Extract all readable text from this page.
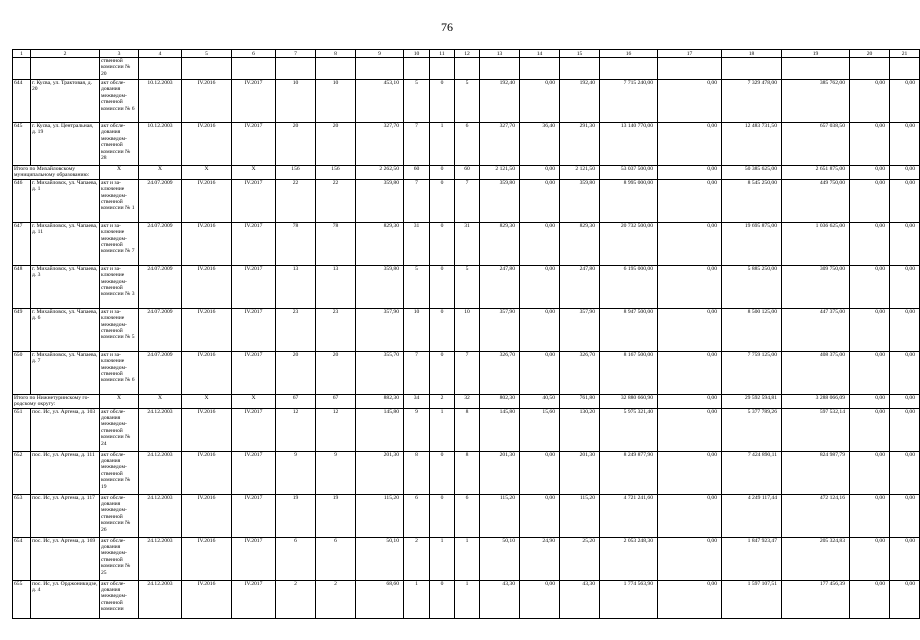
76
1	2	3	4	5	6	7	8	9	10	11	12	13	14	15	16	17	18	19	20	21
		ственной комиссии № 20																		
644	г. Кусва, ул. Трактовая, д. 20	акт обсле- дования межведом- ственной комиссии № 6	10.12.2003	IV.2016	IV.2017	10	10	453,10	5	0	5	192,40	0,00	192,40	7 715 240,00	0,00	7 329 478,00	385 762,00	0,00	0,00
645	г. Кусва, ул. Центральная, д. 19	акт обсле- дования межведом- ственной комиссии № 28	10.12.2003	IV.2016	IV.2017	20	20	327,70	7	1	6	327,70	36,40	291,30	13 140 770,00	0,00	12 483 731,50	657 038,50	0,00	0,00
Итого по Михайловскому муниципальному образованию:		X	X	X	X	156	156	2 262,50	60	0	60	2 121,50	0,00	2 121,50	53 037 500,00	0,00	50 385 625,00	2 651 875,00	0,00	0,00
646	г. Михайловск, ул. Чапаева, д. 1	акт и за- ключение межведом- ственной комиссии № 1	24.07.2009	IV.2016	IV.2017	22	22	359,80	7	0	7	359,80	0,00	359,80	8 995 000,00	0,00	8 545 250,00	449 750,00	0,00	0,00
647	г. Михайловск, ул. Чапаева, д. 11	акт и за- ключение межведом- ственной комиссии № 7	24.07.2009	IV.2016	IV.2017	78	78	829,30	31	0	31	829,30	0,00	829,30	20 732 500,00	0,00	19 695 875,00	1 036 625,00	0,00	0,00
648	г. Михайловск, ул. Чапаева, д. 3	акт и за- ключение межведом- ственной комиссии № 3	24.07.2009	IV.2016	IV.2017	13	13	359,80	5	0	5	247,80	0,00	247,80	6 195 000,00	0,00	5 885 250,00	309 750,00	0,00	0,00
649	г. Михайловск, ул. Чапаева, д. 6	акт и за- ключение межведом- ственной комиссии № 5	24.07.2009	IV.2016	IV.2017	23	23	357,90	10	0	10	357,90	0,00	357,90	8 947 500,00	0,00	8 500 125,00	447 375,00	0,00	0,00
650	г. Михайловск, ул. Чапаева, д. 7	акт и за- ключение межведом- ственной комиссии № 6	24.07.2009	IV.2016	IV.2017	20	20	355,70	7	0	7	326,70	0,00	326,70	8 167 500,00	0,00	7 759 125,00	408 375,00	0,00	0,00
Итого по Нижнетуринскому го- родскому округу:		X	X	X	X	67	67	882,30	34	2	32	802,30	40,50	761,80	32 880 660,90	0,00	29 592 594,81	3 288 066,09	0,00	0,00
651	пос. Ис, ул. Артема, д. 103	акт обсле- дования межведом- ственной комиссии № 24	24.12.2003	IV.2016	IV.2017	12	12	145,80	9	1	8	145,80	15,60	130,20	5 975 321,40	0,00	5 377 789,26	597 532,14	0,00	0,00
652	пос. Ис, ул. Артема, д. 111	акт обсле- дования межведом- ственной комиссии № 19	24.12.2003	IV.2016	IV.2017	9	9	201,30	8	0	8	201,30	0,00	201,30	8 249 877,90	0,00	7 424 890,11	824 987,79	0,00	0,00
653	пос. Ис, ул. Артема, д. 117	акт обсле- дования межведом- ственной комиссии № 26	24.12.2003	IV.2016	IV.2017	19	19	115,20	6	0	6	115,20	0,00	115,20	4 721 241,60	0,00	4 249 117,44	472 124,16	0,00	0,00
654	пос. Ис, ул. Артема, д. 169	акт обсле- дования межведом- ственной комиссии № 25	24.12.2003	IV.2016	IV.2017	6	6	50,10	2	1	1	50,10	24,90	25,20	2 053 248,30	0,00	1 847 923,47	205 324,83	0,00	0,00
655	пос. Ис, ул. Орджоникидзе, д. 4	акт обсле- дования межведом- ственной комиссии	24.12.2003	IV.2016	IV.2017	2	2	68,60	1	0	1	43,30	0,00	43,30	1 774 563,90	0,00	1 597 107,51	177 456,39	0,00	0,00
